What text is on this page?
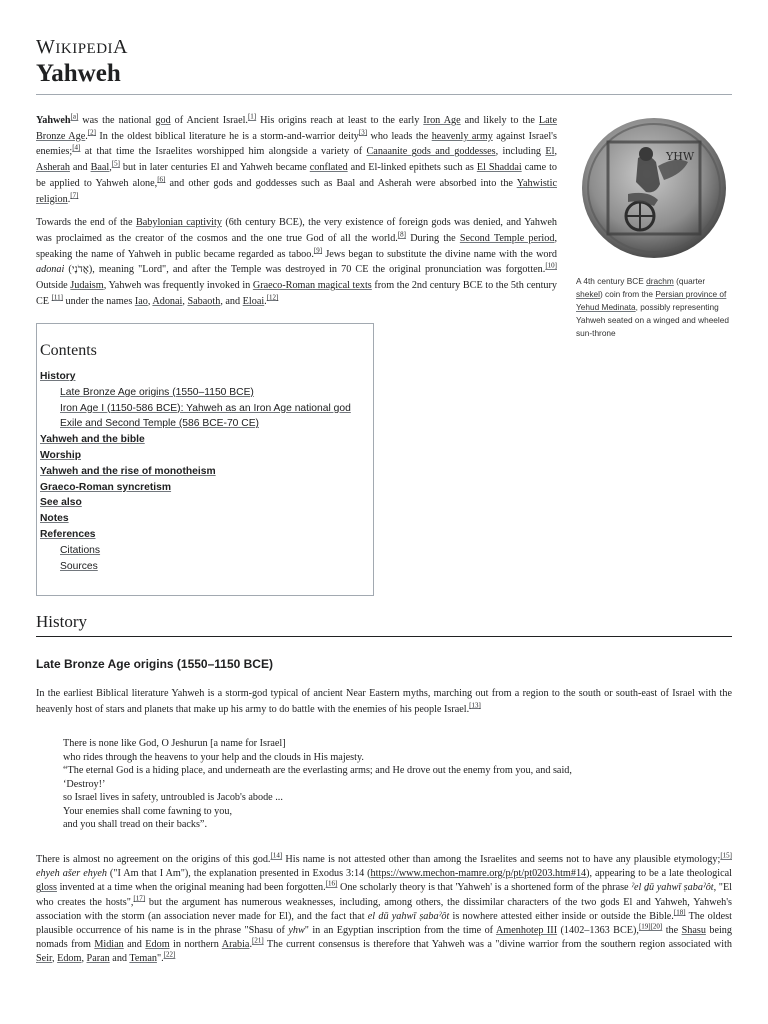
WIKIPEDIA
Yahweh

Yahweh[a] was the national god of Ancient Israel.[1] His origins reach at least to the early Iron Age and likely to the Late Bronze Age.[2] In the oldest biblical literature he is a storm-and-warrior deity[3] who leads the heavenly army against Israel's enemies;[4] at that time the Israelites worshipped him alongside a variety of Canaanite gods and goddesses, including El, Asherah and Baal,[5] but in later centuries El and Yahweh became conflated and El-linked epithets such as El Shaddai came to be applied to Yahweh alone,[6] and other gods and goddesses such as Baal and Asherah were absorbed into the Yahwistic religion.[7]

Towards the end of the Babylonian captivity (6th century BCE), the very existence of foreign gods was denied, and Yahweh was proclaimed as the creator of the cosmos and the one true God of all the world.[8] During the Second Temple period, speaking the name of Yahweh in public became regarded as taboo.[9] Jews began to substitute the divine name with the word adonai (אֲדֹנָי), meaning "Lord", and after the Temple was destroyed in 70 CE the original pronunciation was forgotten.[10] Outside Judaism, Yahweh was frequently invoked in Graeco-Roman magical texts from the 2nd century BCE to the 5th century CE [11] under the names Iao, Adonai, Sabaoth, and Eloai.[12]

YHW
A 4th century BCE drachm (quarter shekel) coin from the Persian province of Yehud Medinata, possibly representing Yahweh seated on a winged and wheeled sun-throne
Contents
History
Late Bronze Age origins (1550–1150 BCE)
Iron Age I (1150-586 BCE): Yahweh as an Iron Age national god
Exile and Second Temple (586 BCE-70 CE)
Yahweh and the bible
Worship
Yahweh and the rise of monotheism
Graeco-Roman syncretism
See also
Notes
References
Citations
Sources
History
Late Bronze Age origins (1550–1150 BCE)
In the earliest Biblical literature Yahweh is a storm-god typical of ancient Near Eastern myths, marching out from a region to the south or south-east of Israel with the heavenly host of stars and planets that make up his army to do battle with the enemies of his people Israel.[13]
There is none like God, O Jeshurun [a name for Israel]
who rides through the heavens to your help and the clouds in His majesty.
“The eternal God is a hiding place, and underneath are the everlasting arms; and He drove out the enemy from you, and said,
‘Destroy!’
so Israel lives in safety, untroubled is Jacob's abode ...
Your enemies shall come fawning to you,
and you shall tread on their backs”.
There is almost no agreement on the origins of this god.[14] His name is not attested other than among the Israelites and seems not to have any plausible etymology;[15] ehyeh ašer ehyeh ("I Am that I Am"), the explanation presented in Exodus 3:14 (https://www.mechon-mamre.org/p/pt/pt0203.htm#14), appearing to be a late theological gloss invented at a time when the original meaning had been forgotten.[16] One scholarly theory is that 'Yahweh' is a shortened form of the phrase ˀel ḏū yahwī ṣabaˀôt, "El who creates the hosts",[17] but the argument has numerous weaknesses, including, among others, the dissimilar characters of the two gods El and Yahweh, Yahweh's association with the storm (an association never made for El), and the fact that el dū yahwī ṣabaˀôt is nowhere attested either inside or outside the Bible.[18] The oldest plausible occurrence of his name is in the phrase "Shasu of yhw" in an Egyptian inscription from the time of Amenhotep III (1402–1363 BCE),[19][20] the Shasu being nomads from Midian and Edom in northern Arabia.[21] The current consensus is therefore that Yahweh was a "divine warrior from the southern region associated with Seir, Edom, Paran and Teman".[22]
